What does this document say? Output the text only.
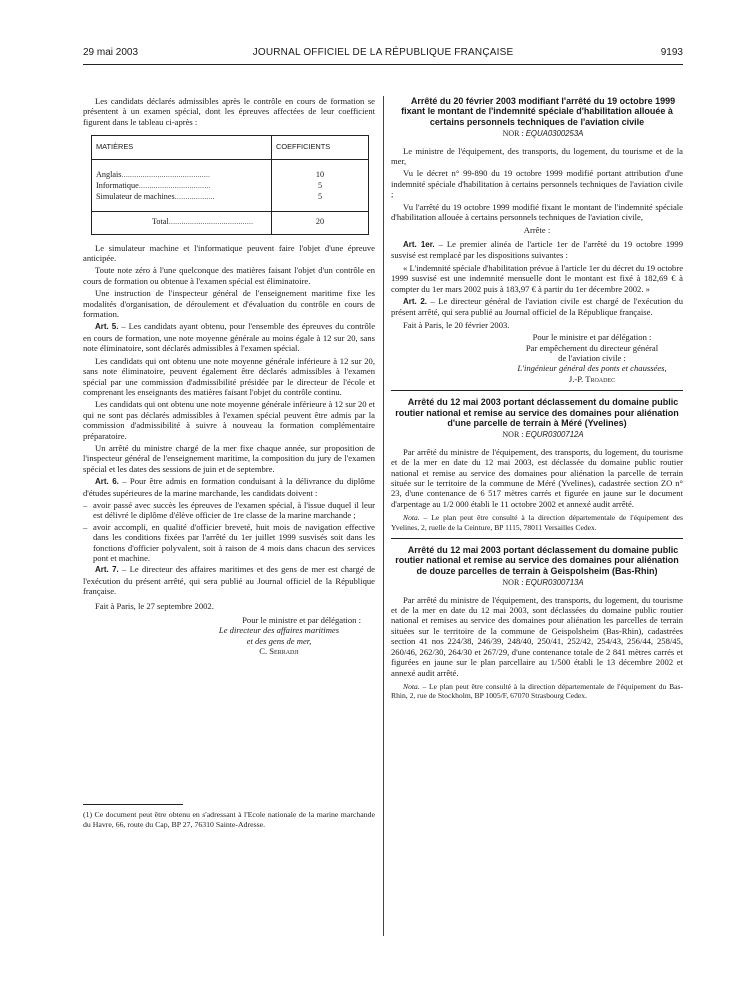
29 mai 2003	JOURNAL OFFICIEL DE LA RÉPUBLIQUE FRANÇAISE	9193

Les candidats déclarés admissibles après le contrôle en cours de formation se présentent à un examen spécial, dont les épreuves affectées de leur coefficient figurent dans le tableau ci-après :

MATIÈRES	COEFFICIENTS
Anglais..........................................	10
Informatique..................................	5
Simulateur de machines...................	5
Total........................................	20

Le simulateur machine et l'informatique peuvent faire l'objet d'une épreuve anticipée.

Toute note zéro à l'une quelconque des matières faisant l'objet d'un contrôle en cours de formation ou obtenue à l'examen spécial est éliminatoire.

Une instruction de l'inspecteur général de l'enseignement maritime fixe les modalités d'organisation, de déroulement et d'évaluation du contrôle en cours de formation.

Art. 5. – Les candidats ayant obtenu, pour l'ensemble des épreuves du contrôle en cours de formation, une note moyenne générale au moins égale à 12 sur 20, sans note éliminatoire, sont déclarés admissibles à l'examen spécial.

Les candidats qui ont obtenu une note moyenne générale inférieure à 12 sur 20, sans note éliminatoire, peuvent également être déclarés admissibles à l'examen spécial par une commission d'admissibilité présidée par le directeur de l'école et comprenant les enseignants des matières faisant l'objet du contrôle continu.

Les candidats qui ont obtenu une note moyenne générale inférieure à 12 sur 20 et qui ne sont pas déclarés admissibles à l'examen spécial peuvent être admis par la commission d'admissibilité à suivre à nouveau la formation complémentaire préparatoire.

Un arrêté du ministre chargé de la mer fixe chaque année, sur proposition de l'inspecteur général de l'enseignement maritime, la composition du jury de l'examen spécial et les dates des sessions de juin et de septembre.

Art. 6. – Pour être admis en formation conduisant à la délivrance du diplôme d'études supérieures de la marine marchande, les candidats doivent :

– avoir passé avec succès les épreuves de l'examen spécial, à l'issue duquel il leur est délivré le diplôme d'élève officier de 1re classe de la marine marchande ;

– avoir accompli, en qualité d'officier breveté, huit mois de navigation effective dans les conditions fixées par l'arrêté du 1er juillet 1999 susvisés soit dans les fonctions d'officier polyvalent, soit à raison de 4 mois dans chacun des services pont et machine.

Art. 7. – Le directeur des affaires maritimes et des gens de mer est chargé de l'exécution du présent arrêté, qui sera publié au Journal officiel de la République française.

Fait à Paris, le 27 septembre 2002.

Pour le ministre et par délégation :

Le directeur des affaires maritimes

et des gens de mer,

C. Serradji

(1) Ce document peut être obtenu en s'adressant à l'Ecole nationale de la marine marchande du Havre, 66, route du Cap, BP 27, 76310 Sainte-Adresse.

Arrêté du 20 février 2003 modifiant l'arrêté du 19 octobre 1999 fixant le montant de l'indemnité spéciale d'habilitation allouée à certains personnels techniques de l'aviation civile

NOR : EQUA0300253A

Le ministre de l'équipement, des transports, du logement, du tourisme et de la mer,

Vu le décret n° 99-890 du 19 octobre 1999 modifié portant attribution d'une indemnité spéciale d'habilitation à certains personnels techniques de l'aviation civile ;

Vu l'arrêté du 19 octobre 1999 modifié fixant le montant de l'indemnité spéciale d'habilitation allouée à certains personnels techniques de l'aviation civile,

Arrête :

Art. 1er. – Le premier alinéa de l'article 1er de l'arrêté du 19 octobre 1999 susvisé est remplacé par les dispositions suivantes :

« L'indemnité spéciale d'habilitation prévue à l'article 1er du décret du 19 octobre 1999 susvisé est une indemnité mensuelle dont le montant est fixé à 182,69 € à compter du 1er mars 2002 puis à 183,97 € à partir du 1er décembre 2002. »

Art. 2. – Le directeur général de l'aviation civile est chargé de l'exécution du présent arrêté, qui sera publié au Journal officiel de la République française.

Fait à Paris, le 20 février 2003.

Pour le ministre et par délégation :

Par empêchement du directeur général

de l'aviation civile :

L'ingénieur général des ponts et chaussées,

J.-P. Troadec

Arrêté du 12 mai 2003 portant déclassement du domaine public routier national et remise au service des domaines pour aliénation d'une parcelle de terrain à Méré (Yvelines)

NOR : EQUR0300712A

Par arrêté du ministre de l'équipement, des transports, du logement, du tourisme et de la mer en date du 12 mai 2003, est déclassée du domaine public routier national et remise au service des domaines pour aliénation la parcelle de terrain située sur le territoire de la commune de Méré (Yvelines), cadastrée section ZO n° 23, d'une contenance de 6 517 mètres carrés et figurée en jaune sur le document d'arpentage au 1/2 000 établi le 11 octobre 2002 et annexé audit arrêté.

Nota. – Le plan peut être consulté à la direction départementale de l'équipement des Yvelines, 2, ruelle de la Ceinture, BP 1115, 78011 Versailles Cedex.

Arrêté du 12 mai 2003 portant déclassement du domaine public routier national et remise au service des domaines pour aliénation de douze parcelles de terrain à Geispolsheim (Bas-Rhin)

NOR : EQUR0300713A

Par arrêté du ministre de l'équipement, des transports, du logement, du tourisme et de la mer en date du 12 mai 2003, sont déclassées du domaine public routier national et remises au service des domaines pour aliénation les parcelles de terrain situées sur le territoire de la commune de Geispolsheim (Bas-Rhin), cadastrées section 41 nos 224/38, 246/39, 248/40, 250/41, 252/42, 254/43, 256/44, 258/45, 260/46, 262/30, 264/30 et 267/29, d'une contenance totale de 2 841 mètres carrés et figurées en jaune sur le plan parcellaire au 1/500 établi le 13 décembre 2002 et annexé audit arrêté.

Nota. – Le plan peut être consulté à la direction départementale de l'équipement du Bas-Rhin, 2, rue de Stockholm, BP 1005/F, 67070 Strasbourg Cedex.
